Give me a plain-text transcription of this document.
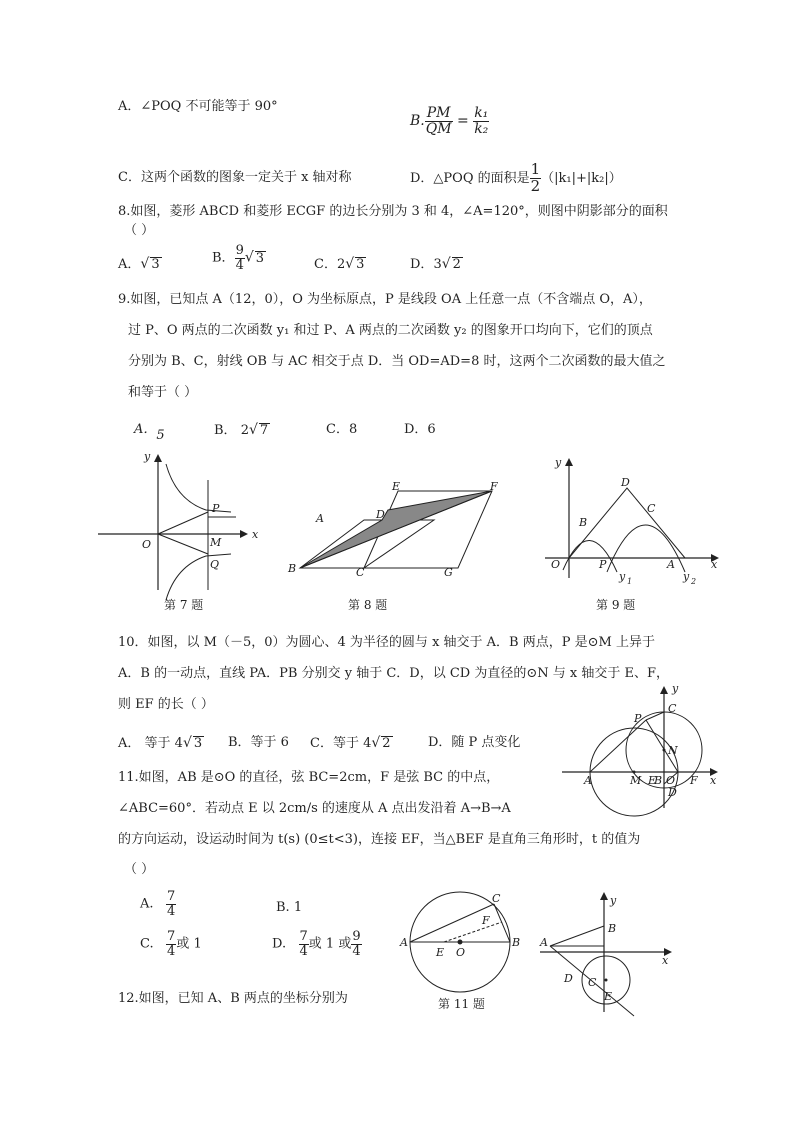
A．∠POQ 不可能等于 90°
B. $\frac{PM}{QM} = \frac{\text{k₁}}{\text{k₂}}$
C．这两个函数的图象一定关于 x 轴对称	D．△POQ 的面积是 $\frac{1}{2} (|k_1|+|k_2|)$
8.如图，菱形 ABCD 和菱形 ECGF 的边长分别为 3 和 4，∠A=120°，则图中阴影部分的面积
（ ）
A．√ 3	B． $\frac{9}{4}$ √ 3	C．2√ 3	D．3√ 2
9.如图，已知点 A（12，0），O 为坐标原点，P 是线段 OA 上任意一点（不含端点 O，A），
过 P、O 两点的二次函数 y₁ 和过 P、A 两点的二次函数 y₂ 的图象开口均向下，它们的顶点
分别为 B、C，射线 OB 与 AC 相交于点 D．当 OD=AD=8 时，这两个二次函数的最大值之
和等于（ ）
A．5	B． 2√ 7	C．8	D．6
y
x
O
P
M
Q
第 7 题
A	D
E	F
B	C	G
第 8 题
y
x
O	P	A
B
C
D
y 1	y 2
第 9 题
10．如图，以 M（－5，0）为圆心、4 为半径的圆与 x 轴交于 A．B 两点，P 是⊙M 上异于
A．B 的一动点，直线 PA．PB 分别交 y 轴于 C．D，以 CD 为直径的⊙N 与 x 轴交于 E、F，
则 EF 的长（ ）
A． 等于 4√ 3 B．等于 6 C．等于 4√ 2	D．随 P 点变化
y
x
A	M E
B O F
P
C
N
D
11.如图，AB 是⊙O 的直径，弦 BC=2cm，F 是弦 BC 的中点，
∠ABC=60°．若动点 E 以 2cm/s 的速度从 A 点出发沿着 A→B→A
的方向运动，设运动时间为 t(s) (0≤t<3)，连接 EF，当△BEF 是直角三角形时，t 的值为
（ ）
A. $\frac{7}{4}$	B. 1
C. $\frac{7}{4}$ 或 1	D. $\frac{7}{4}$ 或 1 或 $\frac{9}{4}$	A	B
C
F
E O
第 11 题
y
x
A
B
C
D
E
12.如图，已知 A、B 两点的坐标分别为
